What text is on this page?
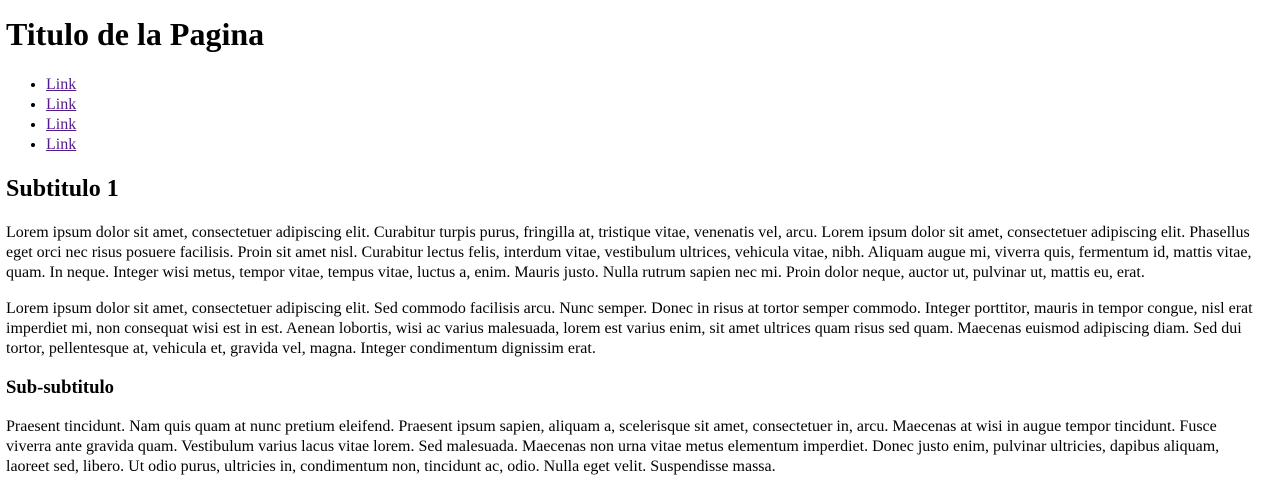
Titulo de la Pagina
• Link
• Link
• Link
• Link
Subtitulo 1

Lorem ipsum dolor sit amet, consectetuer adipiscing elit. Curabitur turpis purus, fringilla at, tristique vitae, venenatis vel, arcu. Lorem ipsum dolor sit amet, consectetuer adipiscing elit. Phasellus eget orci nec risus posuere facilisis. Proin sit amet nisl. Curabitur lectus felis, interdum vitae, vestibulum ultrices, vehicula vitae, nibh. Aliquam augue mi, viverra quis, fermentum id, mattis vitae, quam. In neque. Integer wisi metus, tempor vitae, tempus vitae, luctus a, enim. Mauris justo. Nulla rutrum sapien nec mi. Proin dolor neque, auctor ut, pulvinar ut, mattis eu, erat.

Lorem ipsum dolor sit amet, consectetuer adipiscing elit. Sed commodo facilisis arcu. Nunc semper. Donec in risus at tortor semper commodo. Integer porttitor, mauris in tempor congue, nisl erat imperdiet mi, non consequat wisi est in est. Aenean lobortis, wisi ac varius malesuada, lorem est varius enim, sit amet ultrices quam risus sed quam. Maecenas euismod adipiscing diam. Sed dui tortor, pellentesque at, vehicula et, gravida vel, magna. Integer condimentum dignissim erat.

Sub-subtitulo

Praesent tincidunt. Nam quis quam at nunc pretium eleifend. Praesent ipsum sapien, aliquam a, scelerisque sit amet, consectetuer in, arcu. Maecenas at wisi in augue tempor tincidunt. Fusce viverra ante gravida quam. Vestibulum varius lacus vitae lorem. Sed malesuada. Maecenas non urna vitae metus elementum imperdiet. Donec justo enim, pulvinar ultricies, dapibus aliquam, laoreet sed, libero. Ut odio purus, ultricies in, condimentum non, tincidunt ac, odio. Nulla eget velit. Suspendisse massa.
